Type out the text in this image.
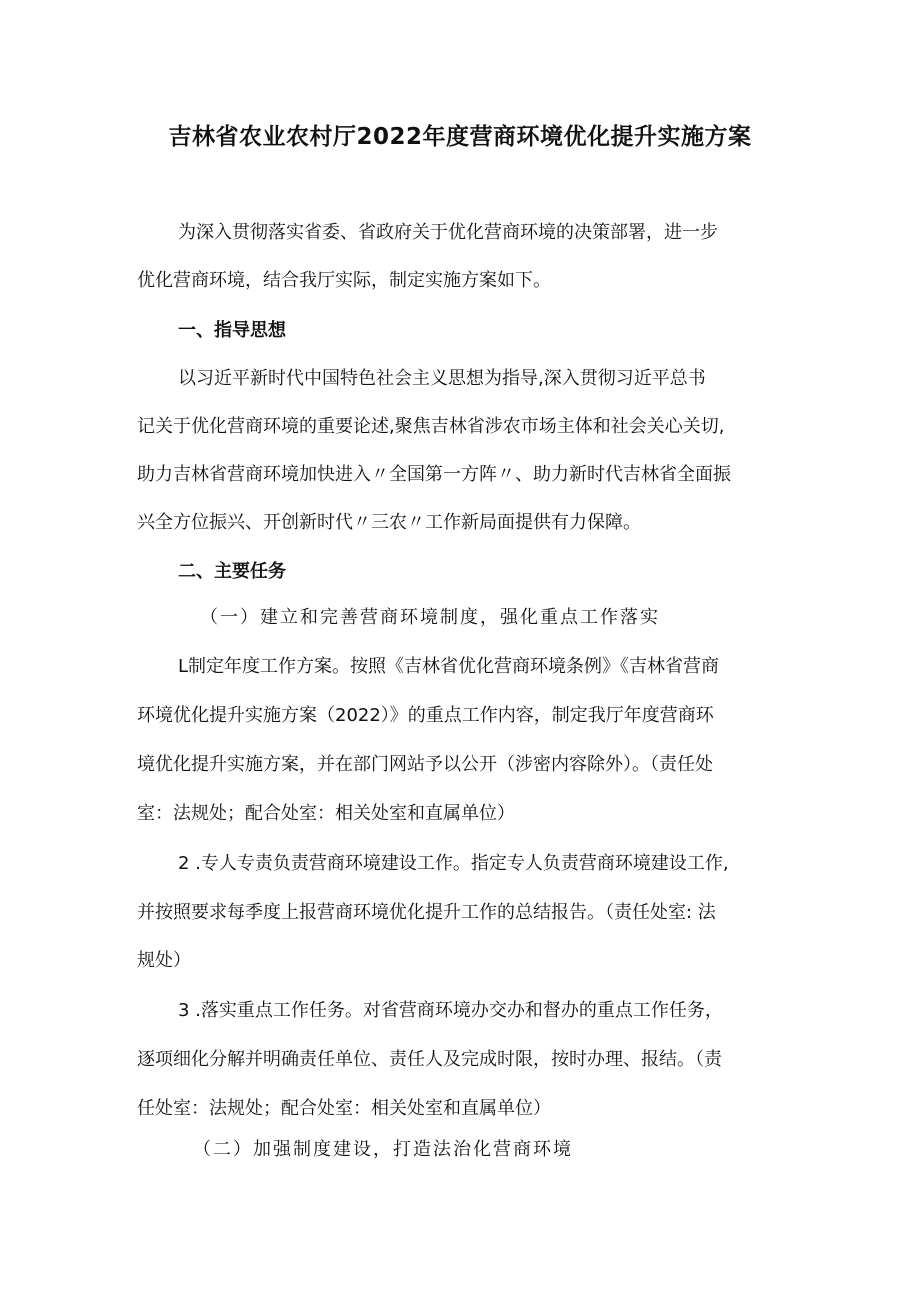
吉林省农业农村厅2022年度营商环境优化提升实施方案
为深入贯彻落实省委、省政府关于优化营商环境的决策部署，进一步
优化营商环境，结合我厅实际，制定实施方案如下。
一、指导思想
以习近平新时代中国特色社会主义思想为指导,深入贯彻习近平总书
记关于优化营商环境的重要论述,聚焦吉林省涉农市场主体和社会关心关切,
助力吉林省营商环境加快进入〃全国第一方阵〃、助力新时代吉林省全面振
兴全方位振兴、开创新时代〃三农〃工作新局面提供有力保障。
二、主要任务
（一）建立和完善营商环境制度，强化重点工作落实
L制定年度工作方案。按照《吉林省优化营商环境条例》《吉林省营商
环境优化提升实施方案（2022）》的重点工作内容，制定我厅年度营商环
境优化提升实施方案，并在部门网站予以公开（涉密内容除外）。（责任处
室：法规处；配合处室：相关处室和直属单位）
2 .专人专责负责营商环境建设工作。指定专人负责营商环境建设工作,
并按照要求每季度上报营商环境优化提升工作的总结报告。（责任处室: 法
规处）
3 .落实重点工作任务。对省营商环境办交办和督办的重点工作任务，
逐项细化分解并明确责任单位、责任人及完成时限，按时办理、报结。（责
任处室：法规处；配合处室：相关处室和直属单位）
（二）加强制度建设，打造法治化营商环境
